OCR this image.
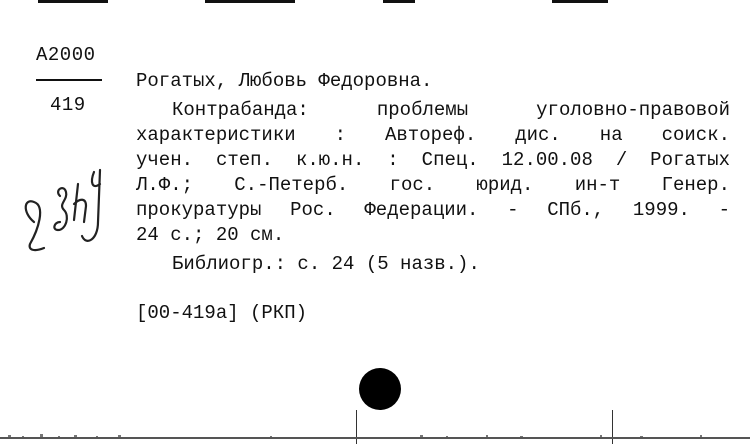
A2000
419
Рогатых, Любовь Федоровна.
Контрабанда: проблемы уголовно-правовой
характеристики : Автореф. дис. на соиск.
учен. степ. к.ю.н. : Спец. 12.00.08 / Рогатых
Л.Ф.; С.-Петерб. гос. юрид. ин-т Генер.
прокуратуры Рос. Федерации. - СПб., 1999. -
24 с.; 20 см.
Библиогр.: с. 24 (5 назв.).
[00-419а] (РКП)
